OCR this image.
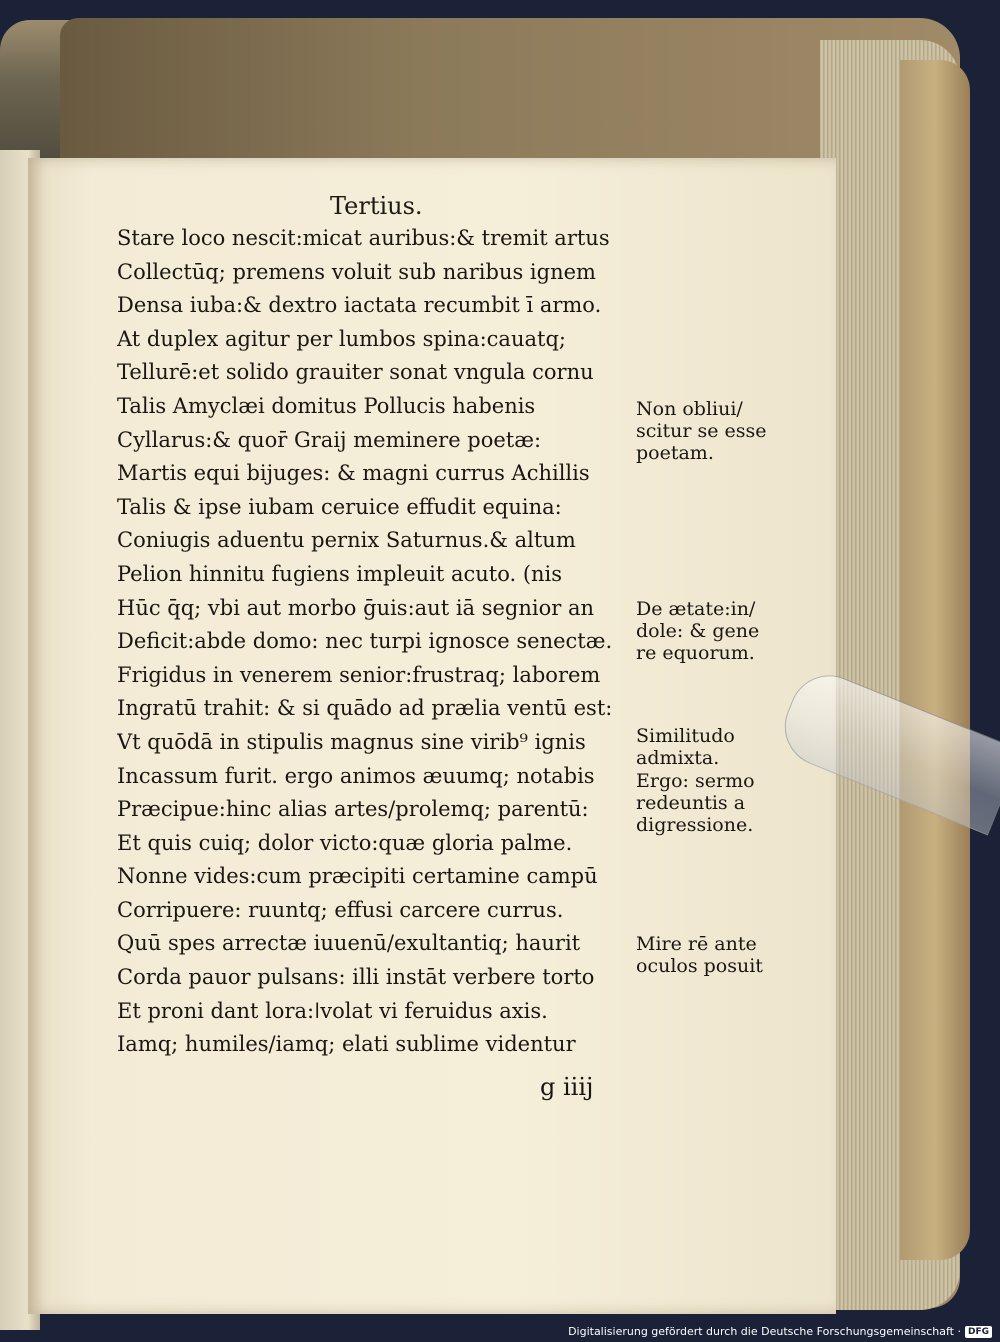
Tertius.
Stare loco nescit:micat auribus:& tremit artus
Collectūq; premens voluit sub naribus ignem
Densa iuba:& dextro iactata recumbit ī armo.
At duplex agitur per lumbos spina:cauatq;
Tellurē:et solido grauiter sonat vngula cornu
Talis Amyclæi domitus Pollucis habenis
Cyllarus:& quor̄ Graij meminere poetæ:
Martis equi bijuges: & magni currus Achillis
Talis & ipse iubam ceruice effudit equina:
Coniugis aduentu pernix Saturnus.& altum
Pelion hinnitu fugiens impleuit acuto. (nis
Hūc q̄q; vbi aut morbo ḡuis:aut iā segnior an
Deficit:abde domo: nec turpi ignosce senectæ.
Frigidus in venerem senior:frustraq; laborem
Ingratū trahit: & si quādo ad prælia ventū est:
Vt quōdā in stipulis magnus sine virib⁹ ignis
Incassum furit. ergo animos æuumq; notabis
Præcipue:hinc alias artes/prolemq; parentū:
Et quis cuiq; dolor victo:quæ gloria palme.
Nonne vides:cum præcipiti certamine campū
Corripuere: ruuntq; effusi carcere currus.
Quū spes arrectæ iuuenū/exultantiq; haurit
Corda pauor pulsans: illi instāt verbere torto
Et proni dant lora:ǀvolat vi feruidus axis.
Iamq; humiles/iamq; elati sublime videntur
Non obliui/
scitur se esse
poetam.
De ætate:in/
dole: & gene
re equorum.
Similitudo
admixta.
Ergo: sermo
redeuntis a
digressione.
Mire rē ante
oculos posuit
g iiij
Digitalisierung gefördert durch die Deutsche Forschungsgemeinschaft · DFG
